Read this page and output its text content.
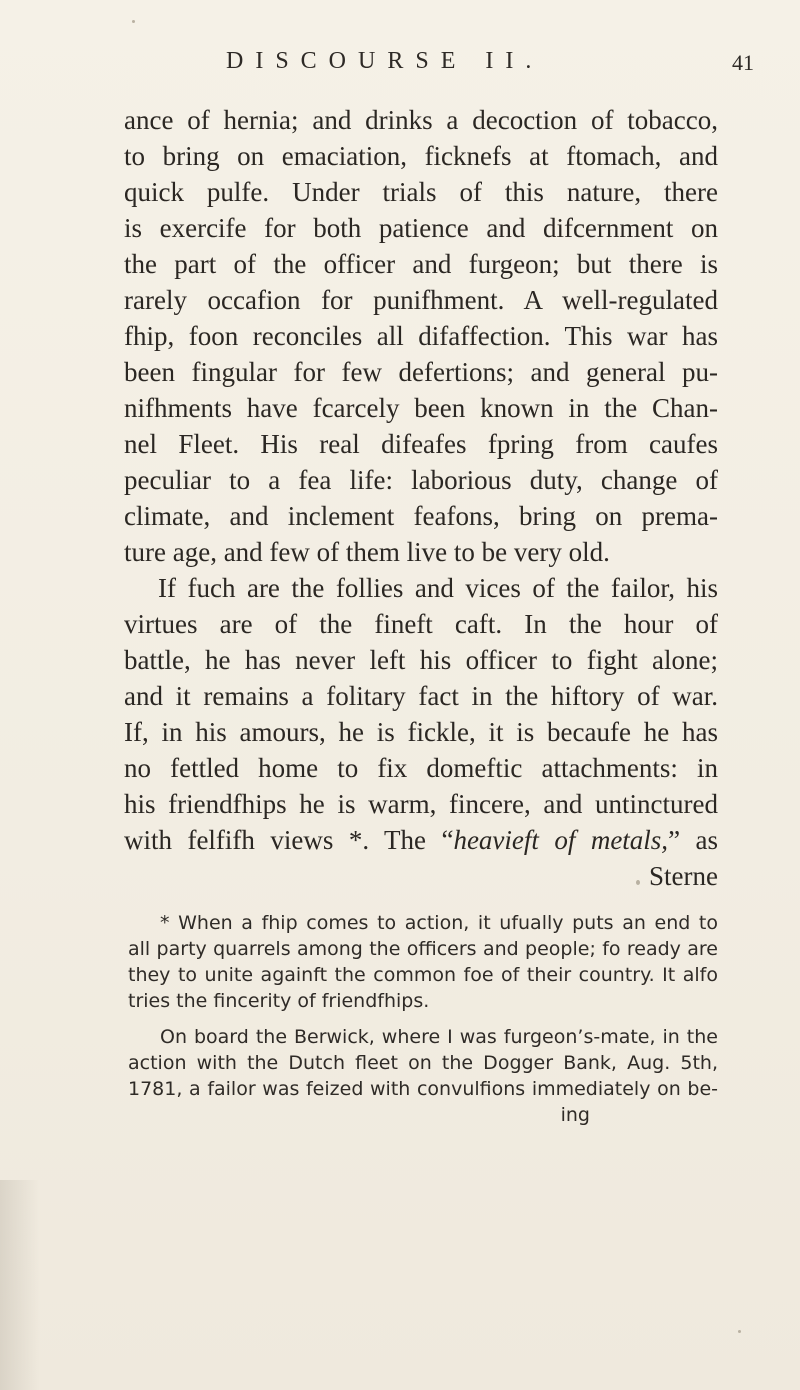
DISCOURSE II.	41
ance of hernia; and drinks a decoction of tobacco,
to bring on emaciation, ficknefs at ftomach, and
quick pulfe. Under trials of this nature, there
is exercife for both patience and difcernment on
the part of the officer and furgeon; but there is
rarely occafion for punifhment. A well-regulated
fhip, foon reconciles all difaffection. This war has
been fingular for few defertions; and general pu-
nifhments have fcarcely been known in the Chan-
nel Fleet. His real difeafes fpring from caufes
peculiar to a fea life: laborious duty, change of
climate, and inclement feafons, bring on prema-
ture age, and few of them live to be very old.
If fuch are the follies and vices of the failor, his
virtues are of the fineft caft. In the hour of
battle, he has never left his officer to fight alone;
and it remains a folitary fact in the hiftory of war.
If, in his amours, he is fickle, it is becaufe he has
no fettled home to fix domeftic attachments: in
his friendfhips he is warm, fincere, and untinctured
with felfifh views *. The “heavieft of metals,” as
Sterne
* When a fhip comes to action, it ufually puts an end to
all party quarrels among the officers and people; fo ready are
they to unite againft the common foe of their country. It alfo
tries the fincerity of friendfhips.
On board the Berwick, where I was furgeon’s-mate, in the
action with the Dutch fleet on the Dogger Bank, Aug. 5th,
1781, a failor was feized with convulfions immediately on be-
ing
